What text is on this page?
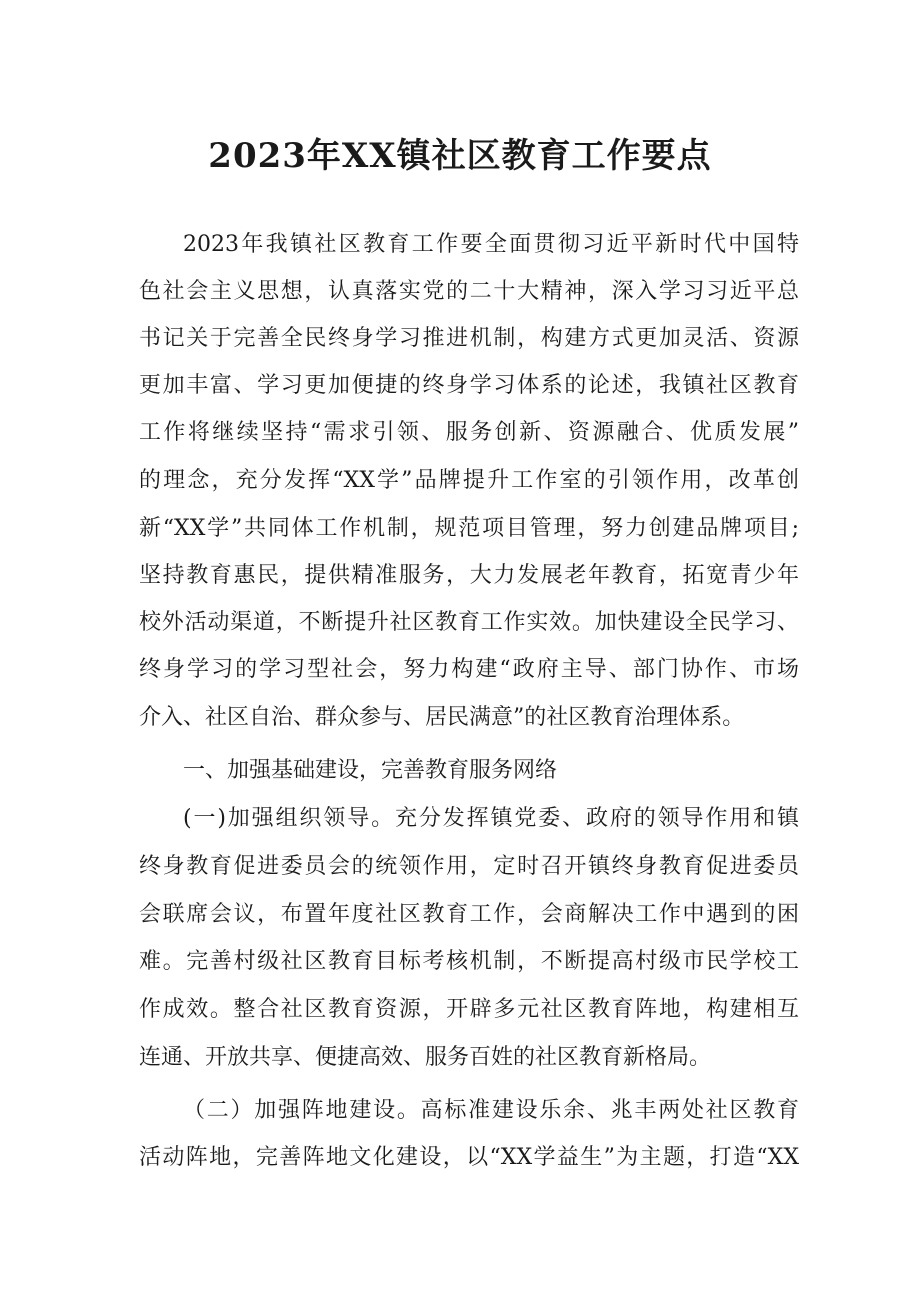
2023年XX镇社区教育工作要点
2023年我镇社区教育工作要全面贯彻习近平新时代中国特
色社会主义思想，认真落实党的二十大精神，深入学习习近平总
书记关于完善全民终身学习推进机制，构建方式更加灵活、资源
更加丰富、学习更加便捷的终身学习体系的论述，我镇社区教育
工作将继续坚持“需求引领、服务创新、资源融合、优质发展”
的理念，充分发挥“XX学”品牌提升工作室的引领作用，改革创
新“XX学”共同体工作机制，规范项目管理，努力创建品牌项目;
坚持教育惠民，提供精准服务，大力发展老年教育，拓宽青少年
校外活动渠道，不断提升社区教育工作实效。加快建设全民学习、
终身学习的学习型社会，努力构建“政府主导、部门协作、市场
介入、社区自治、群众参与、居民满意”的社区教育治理体系。
一、加强基础建设，完善教育服务网络
(一)加强组织领导。充分发挥镇党委、政府的领导作用和镇
终身教育促进委员会的统领作用，定时召开镇终身教育促进委员
会联席会议，布置年度社区教育工作，会商解决工作中遇到的困
难。完善村级社区教育目标考核机制，不断提高村级市民学校工
作成效。整合社区教育资源，开辟多元社区教育阵地，构建相互
连通、开放共享、便捷高效、服务百姓的社区教育新格局。
（二）加强阵地建设。高标准建设乐余、兆丰两处社区教育
活动阵地，完善阵地文化建设，以“XX学益生”为主题，打造“XX
